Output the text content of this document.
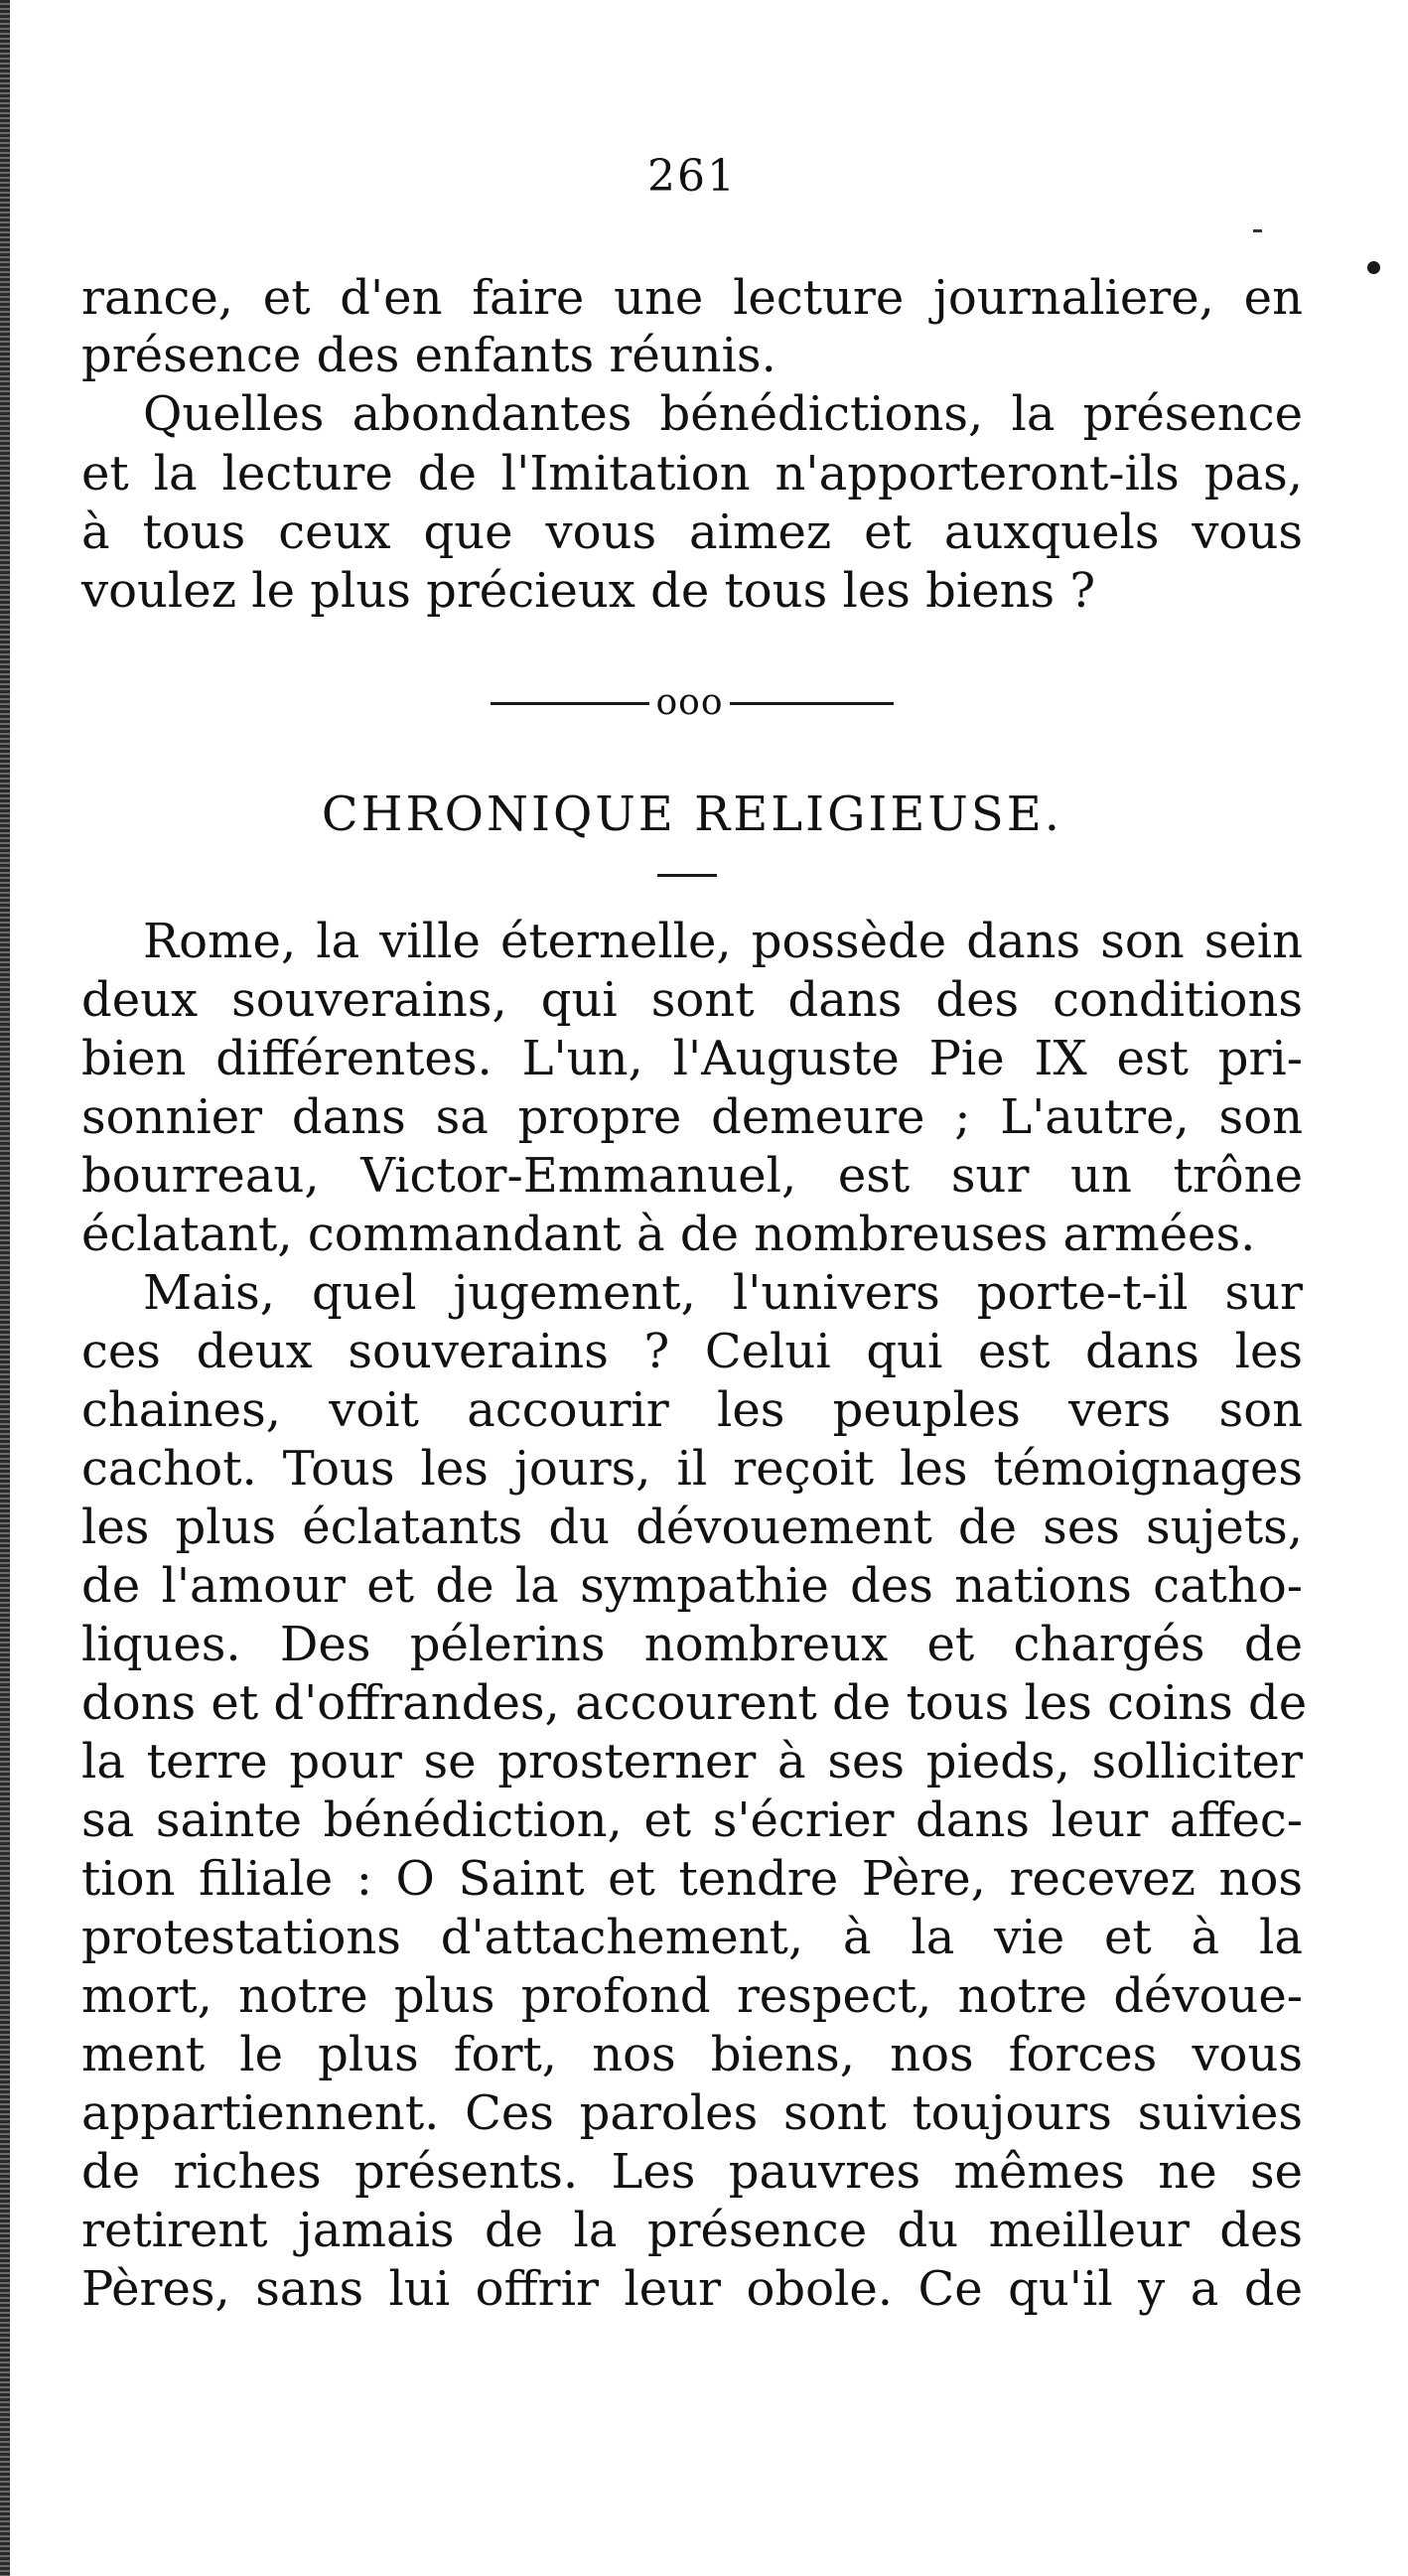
261
rance, et d'en faire une lecture journaliere, en
présence des enfants réunis.
Quelles abondantes bénédictions, la présence
et la lecture de l'Imitation n'apporteront-ils pas,
à tous ceux que vous aimez et auxquels vous
voulez le plus précieux de tous les biens ?
ooo
CHRONIQUE RELIGIEUSE.
Rome, la ville éternelle, possède dans son sein
deux souverains, qui sont dans des conditions
bien différentes. L'un, l'Auguste Pie IX est pri-
sonnier dans sa propre demeure ; L'autre, son
bourreau, Victor-Emmanuel, est sur un trône
éclatant, commandant à de nombreuses armées.
Mais, quel jugement, l'univers porte-t-il sur
ces deux souverains ? Celui qui est dans les
chaines, voit accourir les peuples vers son
cachot. Tous les jours, il reçoit les témoignages
les plus éclatants du dévouement de ses sujets,
de l'amour et de la sympathie des nations catho-
liques. Des pélerins nombreux et chargés de
dons et d'offrandes, accourent de tous les coins de
la terre pour se prosterner à ses pieds, solliciter
sa sainte bénédiction, et s'écrier dans leur affec-
tion filiale : O Saint et tendre Père, recevez nos
protestations d'attachement, à la vie et à la
mort, notre plus profond respect, notre dévoue-
ment le plus fort, nos biens, nos forces vous
appartiennent. Ces paroles sont toujours suivies
de riches présents. Les pauvres mêmes ne se
retirent jamais de la présence du meilleur des
Pères, sans lui offrir leur obole. Ce qu'il y a de
